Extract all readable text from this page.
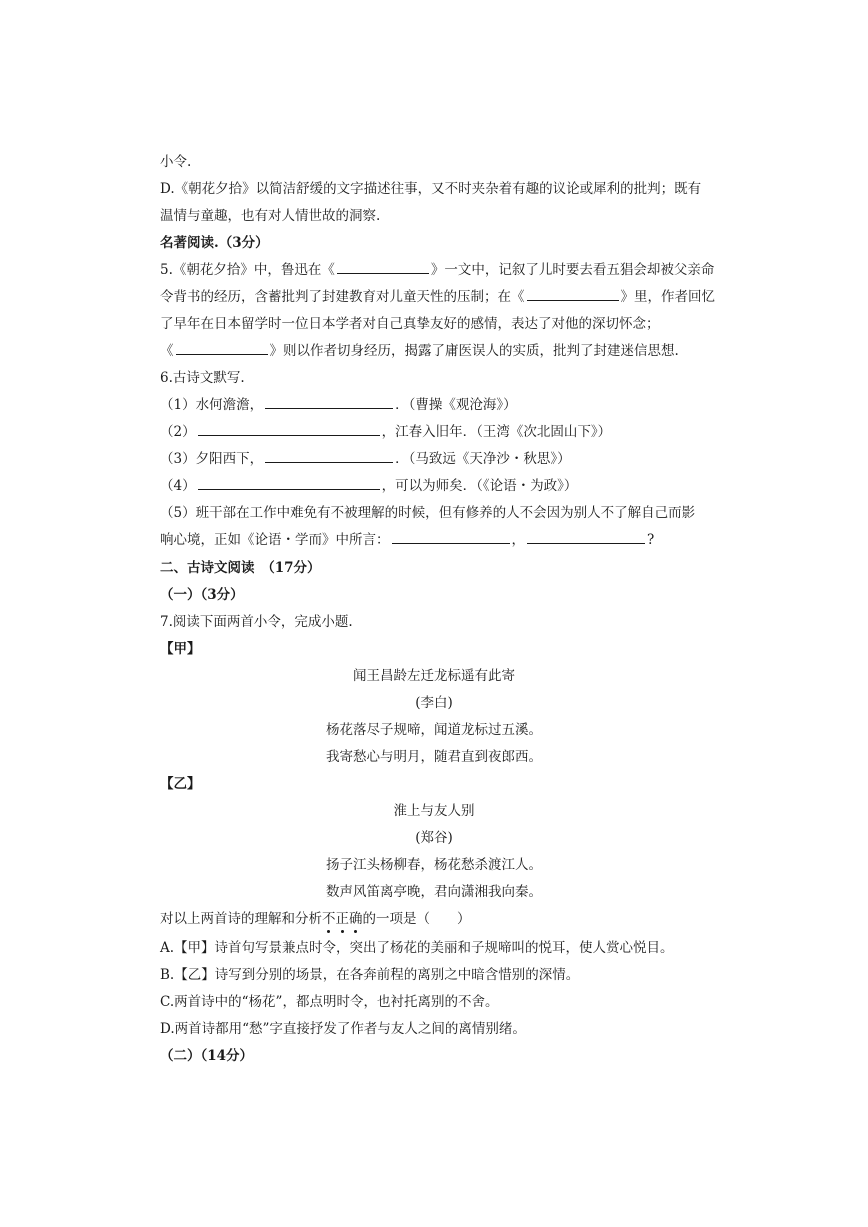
小令.
D.《朝花夕拾》以简洁舒缓的文字描述往事，又不时夹杂着有趣的议论或犀利的批判；既有
温情与童趣，也有对人情世故的洞察.
名著阅读.（3分）
5.《朝花夕拾》中，鲁迅在《	》一文中，记叙了儿时要去看五猖会却被父亲命
令背书的经历，含蓄批判了封建教育对儿童天性的压制；在《	》里，作者回忆
了早年在日本留学时一位日本学者对自己真挚友好的感情，表达了对他的深切怀念；
《	》则以作者切身经历，揭露了庸医误人的实质，批判了封建迷信思想.
6.古诗文默写.
（1）水何澹澹，	．（曹操《观沧海》）
（2）	，江春入旧年．（王湾《次北固山下》）
（3）夕阳西下，	．（马致远《天净沙・秋思》）
（4）	，可以为师矣．（《论语・为政》）
（5）班干部在工作中难免有不被理解的时候，但有修养的人不会因为别人不了解自己而影
响心境，正如《论语・学而》中所言：	，	?
二、古诗文阅读　（17分）
（一）（3分）
7.阅读下面两首小令，完成小题.
【甲】
闻王昌龄左迁龙标遥有此寄
(李白)
杨花落尽子规啼，闻道龙标过五溪。
我寄愁心与明月，随君直到夜郎西。
【乙】
淮上与友人别
(郑谷)
扬子江头杨柳春，杨花愁杀渡江人。
数声风笛离亭晚，君向潇湘我向秦。
对以上两首诗的理解和分析不正确的一项是（　　）
A.【甲】诗首句写景兼点时令，突出了杨花的美丽和子规啼叫的悦耳，使人赏心悦目。
B.【乙】诗写到分别的场景，在各奔前程的离别之中暗含惜别的深情。
C.两首诗中的“杨花”，都点明时令，也衬托离别的不舍。
D.两首诗都用“愁”字直接抒发了作者与友人之间的离情别绪。
（二）（14分）
